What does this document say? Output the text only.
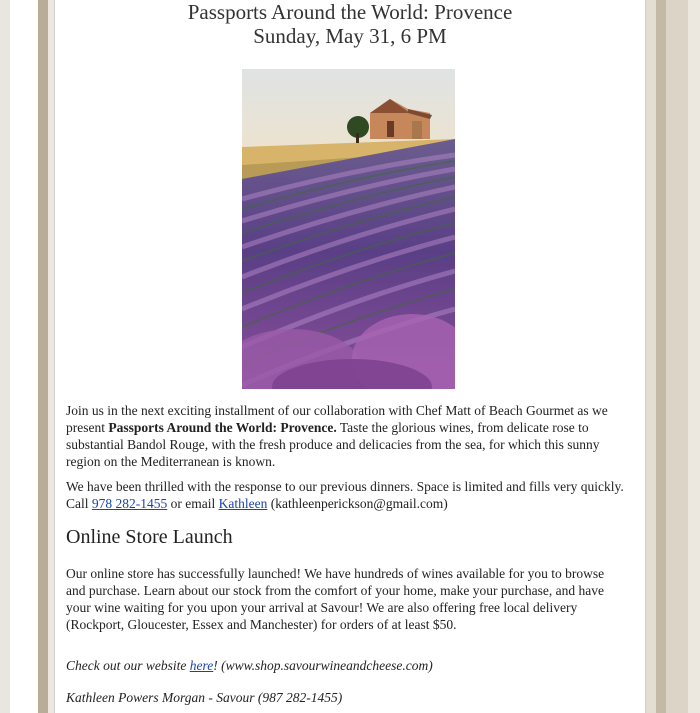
Passports Around the World: Provence
Sunday, May 31, 6 PM

Join us in the next exciting installment of our collaboration with Chef Matt of Beach Gourmet as we present Passports Around the World: Provence. Taste the glorious wines, from delicate rose to substantial Bandol Rouge, with the fresh produce and delicacies from the sea, for which this sunny region on the Mediterranean is known.

We have been thrilled with the response to our previous dinners. Space is limited and fills very quickly. Call 978 282-1455 or email Kathleen (kathleenperickson@gmail.com)

Online Store Launch

Our online store has successfully launched! We have hundreds of wines available for you to browse and purchase. Learn about our stock from the comfort of your home, make your purchase, and have your wine waiting for you upon your arrival at Savour! We are also offering free local delivery (Rockport, Gloucester, Essex and Manchester) for orders of at least $50.

Check out our website here! (www.shop.savourwineandcheese.com)

Kathleen Powers Morgan - Savour (987 282-1455)
